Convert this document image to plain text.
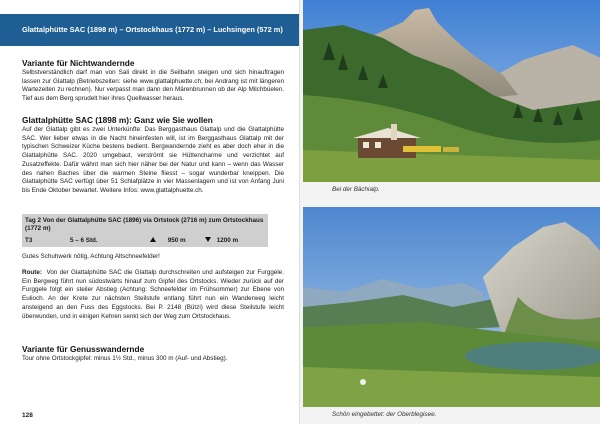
Glattalphütte SAC (1898 m) – Ortstockhaus (1772 m) – Luchsingen (572 m)
Variante für Nichtwandernde

Selbstverständlich darf man von Sali direkt in die Seilbahn steigen und sich hinauftragen lassen zur Glattalp (Betriebszeiten: siehe www.glattalphuette.ch; bei Andrang ist mit längeren Wartezeiten zu rechnen). Nur verpasst man dann den Märenbrunnen ob der Alp Milchbüelen. Tief aus dem Berg sprudelt hier ihres Quellwasser heraus.

Glattalphütte SAC (1898 m): Ganz wie Sie wollen

Auf der Glattalp gibt es zwei Unterkünfte: Das Berggasthaus Glattalp und die Glattalphütte SAC. Wer lieber etwas in die Nacht hineinfesten will, ist im Berggasthaus Glattalp mit der typischen Schweizer Küche bestens bedient. Bergwandernde zieht es aber doch eher in die Glattalphütte SAC. 2020 umgebaut, verströmt sie Hüttencharme und verzichtet auf Zusatzeffekte. Dafür wähnt man sich hier näher bei der Natur und kann – wenn das Wasser des nahen Baches über die warmen Steine fliesst – sogar wunderbar kneippen. Die Glattalphütte SAC verfügt über 51 Schlafplätze in vier Massenlagern und ist von Anfang Juni bis Ende Oktober bewartet. Weitere Infos: www.glattalphuette.ch.

Tag 2 Von der Glattalphütte SAC (1896) via Ortstock (2716 m) zum Ortstockhaus (1772 m)
T3	5 – 6 Std.	950 m	1200 m

Gutes Schuhwerk nötig, Achtung Altschneefelder!

Route: Von der Glattalphütte SAC die Glattalp durchschreiten und aufsteigen zur Furggele. Ein Bergweg führt nun südostwärts hinauf zum Gipfel des Ortstocks. Wieder zurück auf der Furggele folgt ein steiler Abstieg (Achtung: Schneefelder im Frühsommer) zur Ebene von Eulioch. An der Krete zur nächsten Steilstufe entlang führt nun ein Wanderweg leicht ansteigend an den Fuss des Eggstocks. Bei P. 2148 (Bützi) wird diese Steilstufe leicht überwunden, und in einigen Kehren senkt sich der Weg zum Ortstockhaus.

Variante für Genusswandernde

Tour ohne Ortstockgipfel: minus 1½ Std., minus 300 m (Auf- und Abstieg).

128
Bei der Bächialp.
Schön eingebettet: der Oberblegisee.
